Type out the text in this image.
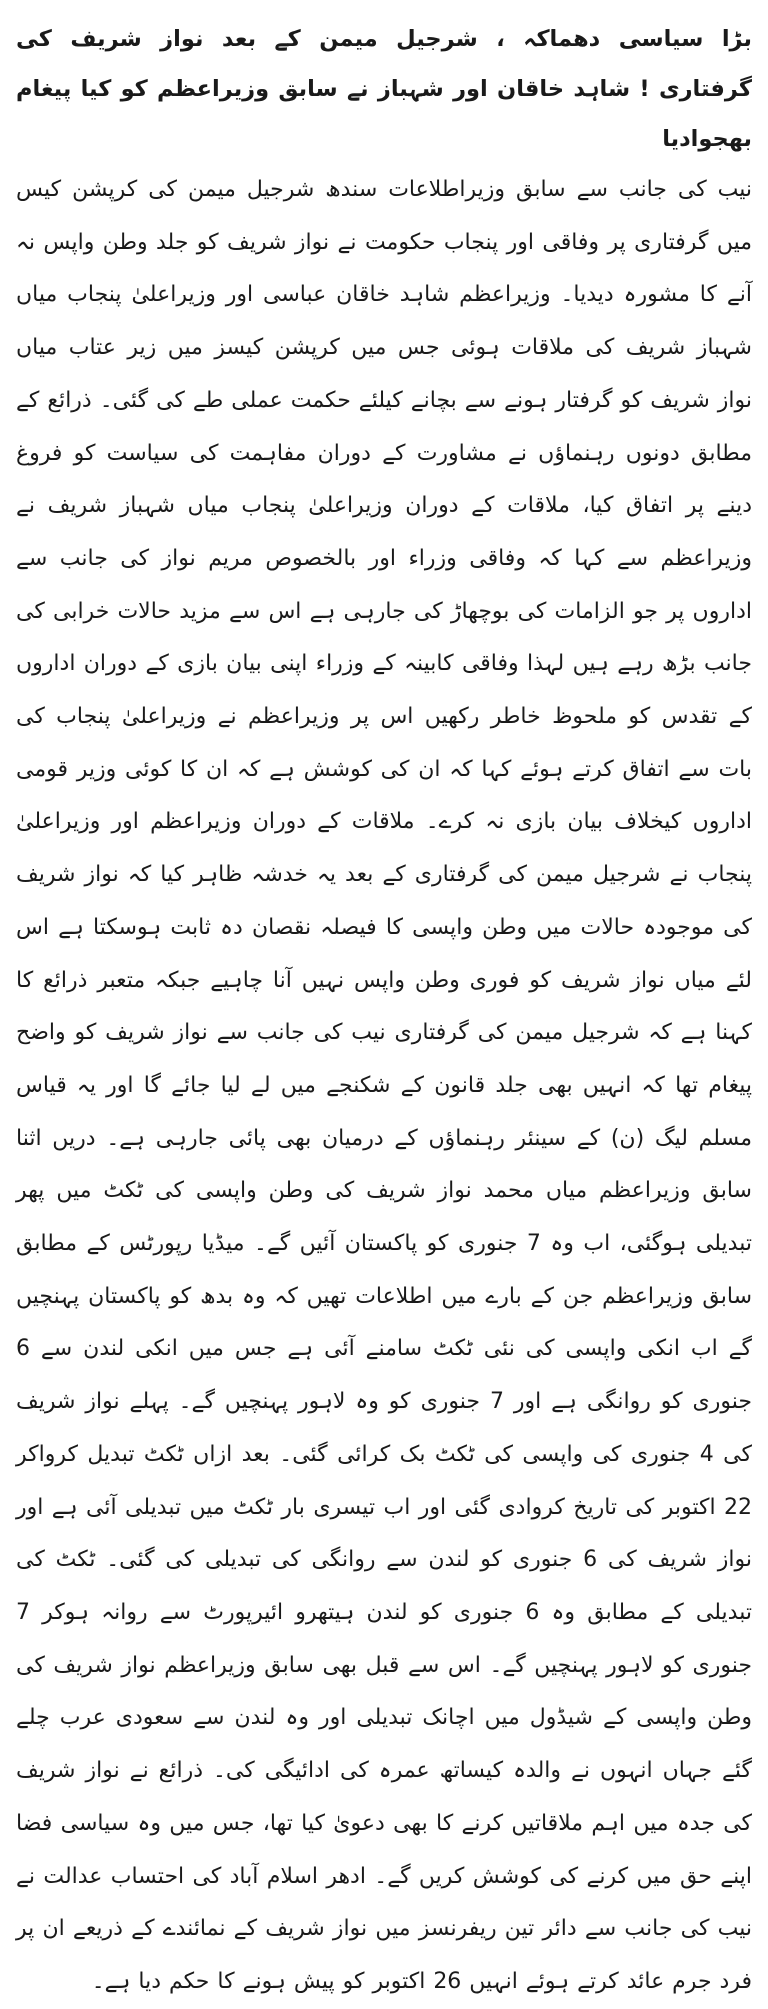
بڑا سیاسی دھماکہ ، شرجیل میمن کے بعد نواز شریف کی گرفتاری ! شاہد خاقان اور شہباز نے سابق وزیراعظم کو کیا پیغام بھجوادیا

نیب کی جانب سے سابق وزیراطلاعات سندھ شرجیل میمن کی کرپشن کیس میں گرفتاری پر وفاقی اور پنجاب حکومت نے نواز شریف کو جلد وطن واپس نہ آنے کا مشورہ دیدیا۔ وزیراعظم شاہد خاقان عباسی اور وزیراعلیٰ پنجاب میاں شہباز شریف کی ملاقات ہوئی جس میں کرپشن کیسز میں زیر عتاب میاں نواز شریف کو گرفتار ہونے سے بچانے کیلئے حکمت عملی طے کی گئی۔ ذرائع کے مطابق دونوں رہنماؤں نے مشاورت کے دوران مفاہمت کی سیاست کو فروغ دینے پر اتفاق کیا، ملاقات کے دوران وزیراعلیٰ پنجاب میاں شہباز شریف نے وزیراعظم سے کہا کہ وفاقی وزراء اور بالخصوص مریم نواز کی جانب سے اداروں پر جو الزامات کی بوچھاڑ کی جارہی ہے اس سے مزید حالات خرابی کی جانب بڑھ رہے ہیں لہذا وفاقی کابینہ کے وزراء اپنی بیان بازی کے دوران اداروں کے تقدس کو ملحوظ خاطر رکھیں اس پر وزیراعظم نے وزیراعلیٰ پنجاب کی بات سے اتفاق کرتے ہوئے کہا کہ ان کی کوشش ہے کہ ان کا کوئی وزیر قومی اداروں کیخلاف بیان بازی نہ کرے۔ ملاقات کے دوران وزیراعظم اور وزیراعلیٰ پنجاب نے شرجیل میمن کی گرفتاری کے بعد یہ خدشہ ظاہر کیا کہ نواز شریف کی موجودہ حالات میں وطن واپسی کا فیصلہ نقصان دہ ثابت ہوسکتا ہے اس لئے میاں نواز شریف کو فوری وطن واپس نہیں آنا چاہیے جبکہ متعبر ذرائع کا کہنا ہے کہ شرجیل میمن کی گرفتاری نیب کی جانب سے نواز شریف کو واضح پیغام تھا کہ انہیں بھی جلد قانون کے شکنجے میں لے لیا جائے گا اور یہ قیاس مسلم لیگ (ن) کے سینئر رہنماؤں کے درمیان بھی پائی جارہی ہے۔ دریں اثنا سابق وزیراعظم میاں محمد نواز شریف کی وطن واپسی کی ٹکٹ میں پھر تبدیلی ہوگئی، اب وہ 7 جنوری کو پاکستان آئیں گے۔ میڈیا رپورٹس کے مطابق سابق وزیراعظم جن کے بارے میں اطلاعات تھیں کہ وہ بدھ کو پاکستان پہنچیں گے اب انکی واپسی کی نئی ٹکٹ سامنے آئی ہے جس میں انکی لندن سے 6 جنوری کو روانگی ہے اور 7 جنوری کو وہ لاہور پہنچیں گے۔ پہلے نواز شریف کی 4 جنوری کی واپسی کی ٹکٹ بک کرائی گئی۔ بعد ازاں ٹکٹ تبدیل کرواکر 22 اکتوبر کی تاریخ کروادی گئی اور اب تیسری بار ٹکٹ میں تبدیلی آئی ہے اور نواز شریف کی 6 جنوری کو لندن سے روانگی کی تبدیلی کی گئی۔ ٹکٹ کی تبدیلی کے مطابق وہ 6 جنوری کو لندن ہیتھرو ائیرپورٹ سے روانہ ہوکر 7 جنوری کو لاہور پہنچیں گے۔ اس سے قبل بھی سابق وزیراعظم نواز شریف کی وطن واپسی کے شیڈول میں اچانک تبدیلی اور وہ لندن سے سعودی عرب چلے گئے جہاں انہوں نے والدہ کیساتھ عمرہ کی ادائیگی کی۔ ذرائع نے نواز شریف کی جدہ میں اہم ملاقاتیں کرنے کا بھی دعویٰ کیا تھا، جس میں وہ سیاسی فضا اپنے حق میں کرنے کی کوشش کریں گے۔ ادھر اسلام آباد کی احتساب عدالت نے نیب کی جانب سے دائر تین ریفرنسز میں نواز شریف کے نمائندے کے ذریعے ان پر فرد جرم عائد کرتے ہوئے انہیں 26 اکتوبر کو پیش ہونے کا حکم دیا ہے۔
